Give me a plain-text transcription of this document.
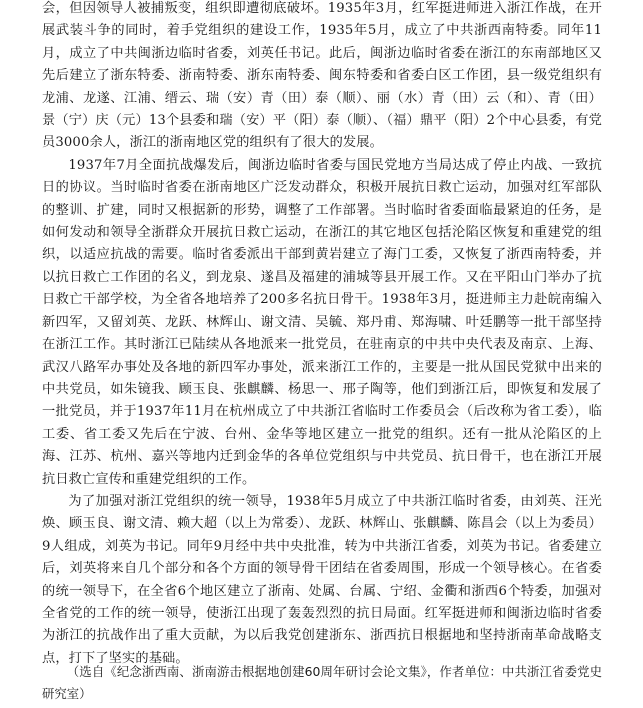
会，但因领导人被捕叛变，组织即遭彻底破坏。1935年3月，红军挺进师进入浙江作战，在开展武装斗争的同时，着手党组织的建设工作，1935年5月，成立了中共浙西南特委。同年11月，成立了中共闽浙边临时省委，刘英任书记。此后，闽浙边临时省委在浙江的东南部地区又先后建立了浙东特委、浙南特委、浙东南特委、闽东特委和省委白区工作团，县一级党组织有龙浦、龙遂、江浦、缙云、瑞（安）青（田）泰（顺）、丽（水）青（田）云（和）、青（田）景（宁）庆（元）13个县委和瑞（安）平（阳）泰（顺）、（福）鼎平（阳）2个中心县委，有党员3000余人，浙江的浙南地区党的组织有了很大的发展。

1937年7月全面抗战爆发后，闽浙边临时省委与国民党地方当局达成了停止内战、一致抗日的协议。当时临时省委在浙南地区广泛发动群众，积极开展抗日救亡运动，加强对红军部队的整训、扩建，同时又根据新的形势，调整了工作部署。当时临时省委面临最紧迫的任务，是如何发动和领导全浙群众开展抗日救亡运动，在浙江的其它地区包括沦陷区恢复和重建党的组织，以适应抗战的需要。临时省委派出干部到黄岩建立了海门工委，又恢复了浙西南特委，并以抗日救亡工作团的名义，到龙泉、遂昌及福建的浦城等县开展工作。又在平阳山门举办了抗日救亡干部学校，为全省各地培养了200多名抗日骨干。1938年3月，挺进师主力赴皖南编入新四军，又留刘英、龙跃、林辉山、谢文清、吴毓、郑丹甫、郑海啸、叶廷鹏等一批干部坚持在浙江工作。其时浙江已陆续从各地派来一批党员，在驻南京的中共中央代表及南京、上海、武汉八路军办事处及各地的新四军办事处，派来浙江工作的，主要是一批从国民党狱中出来的中共党员，如朱镜我、顾玉良、张麒麟、杨思一、邢子陶等，他们到浙江后，即恢复和发展了一批党员，并于1937年11月在杭州成立了中共浙江省临时工作委员会（后改称为省工委），临工委、省工委又先后在宁波、台州、金华等地区建立一批党的组织。还有一批从沦陷区的上海、江苏、杭州、嘉兴等地内迁到金华的各单位党组织与中共党员、抗日骨干，也在浙江开展抗日救亡宣传和重建党组织的工作。

为了加强对浙江党组织的统一领导，1938年5月成立了中共浙江临时省委，由刘英、汪光焕、顾玉良、谢文清、赖大超（以上为常委）、龙跃、林辉山、张麒麟、陈昌会（以上为委员）9人组成，刘英为书记。同年9月经中共中央批准，转为中共浙江省委，刘英为书记。省委建立后，刘英将来自几个部分和各个方面的领导骨干团结在省委周围，形成一个领导核心。在省委的统一领导下，在全省6个地区建立了浙南、处属、台属、宁绍、金衢和浙西6个特委，加强对全省党的工作的统一领导，使浙江出现了轰轰烈烈的抗日局面。红军挺进师和闽浙边临时省委为浙江的抗战作出了重大贡献，为以后我党创建浙东、浙西抗日根据地和坚持浙南革命战略支点，打下了坚实的基础。

（选自《纪念浙西南、浙南游击根据地创建60周年研讨会论文集》，作者单位：中共浙江省委党史研究室）
